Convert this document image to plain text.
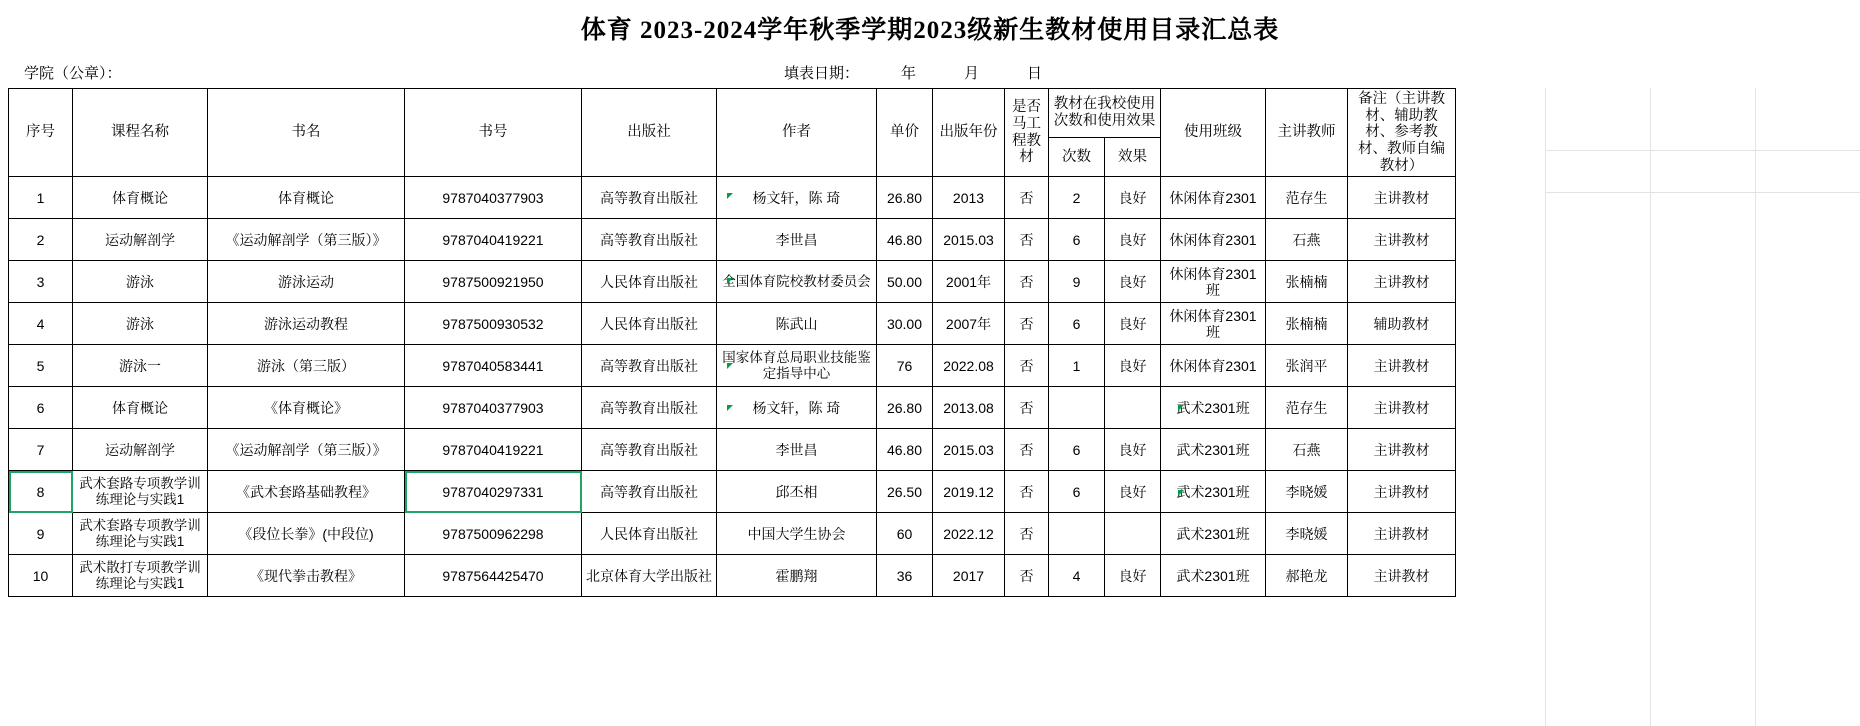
体育 2023-2024学年秋季学期2023级新生教材使用目录汇总表
学院（公章）：	填表日期：	年	月	日
序号	课程名称	书名	书号	出版社	作者	单价	出版年份	是否马工程教材	教材在我校使用次数和使用效果		使用班级	主讲教师	备注（主讲教材、辅助教材、参考教材、教师自编教材）
									次数	效果			
1	体育概论	体育概论	9787040377903	高等教育出版社	杨文轩，陈 琦	26.80	2013	否	2	良好	休闲体育2301	范存生	主讲教材
2	运动解剖学	《运动解剖学（第三版）》	9787040419221	高等教育出版社	李世昌	46.80	2015.03	否	6	良好	休闲体育2301	石燕	主讲教材
3	游泳	游泳运动	9787500921950	人民体育出版社	全国体育院校教材委员会	50.00	2001年	否	9	良好	休闲体育2301班	张楠楠	主讲教材
4	游泳	游泳运动教程	9787500930532	人民体育出版社	陈武山	30.00	2007年	否	6	良好	休闲体育2301班	张楠楠	辅助教材
5	游泳一	游泳（第三版）	9787040583441	高等教育出版社	国家体育总局职业技能鉴定指导中心	76	2022.08	否	1	良好	休闲体育2301	张润平	主讲教材
6	体育概论	《体育概论》	9787040377903	高等教育出版社	杨文轩，陈 琦	26.80	2013.08	否			武术2301班	范存生	主讲教材
7	运动解剖学	《运动解剖学（第三版）》	9787040419221	高等教育出版社	李世昌	46.80	2015.03	否	6	良好	武术2301班	石燕	主讲教材
8	武术套路专项教学训练理论与实践1	《武术套路基础教程》	9787040297331	高等教育出版社	邱丕相	26.50	2019.12	否	6	良好	武术2301班	李晓媛	主讲教材
9	武术套路专项教学训练理论与实践1	《段位长拳》(中段位)	9787500962298	人民体育出版社	中国大学生协会	60	2022.12	否			武术2301班	李晓媛	主讲教材
10	武术散打专项教学训练理论与实践1	《现代拳击教程》	9787564425470	北京体育大学出版社	霍鹏翔	36	2017	否	4	良好	武术2301班	郝艳龙	主讲教材
